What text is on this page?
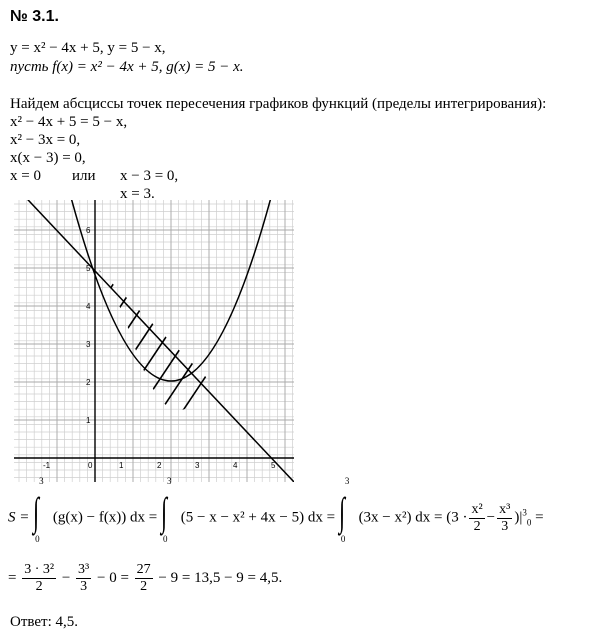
№ 3.1.
y = x² − 4x + 5, y = 5 − x,
пусть f(x) = x² − 4x + 5, g(x) = 5 − x.
Найдем абсциссы точек пересечения графиков функций (пределы интегрирования):
x² − 4x + 5 = 5 − x,
x² − 3x = 0,
x(x − 3) = 0,
x = 0 или x − 3 = 0,
x = 3.
-1	1	2	3	4	5
1
2
3
4
5
6
0
S = ∫
3
0
(g(x) − f(x)) dx = ∫
3
0
(5 − x − x² + 4x − 5) dx = ∫
3
0
(3x − x²) dx = $(3 \cdot \frac{\text{x²}}{2} - \frac{\text{x³}}{3} )|^3_0$ =
= $\frac{\text{3 · 3²}}{2} - \frac{\text{3³}}{3} - 0 = \frac{27}{2} - 9 = 13,5 - 9 = 4,5$.
Ответ: 4,5.
